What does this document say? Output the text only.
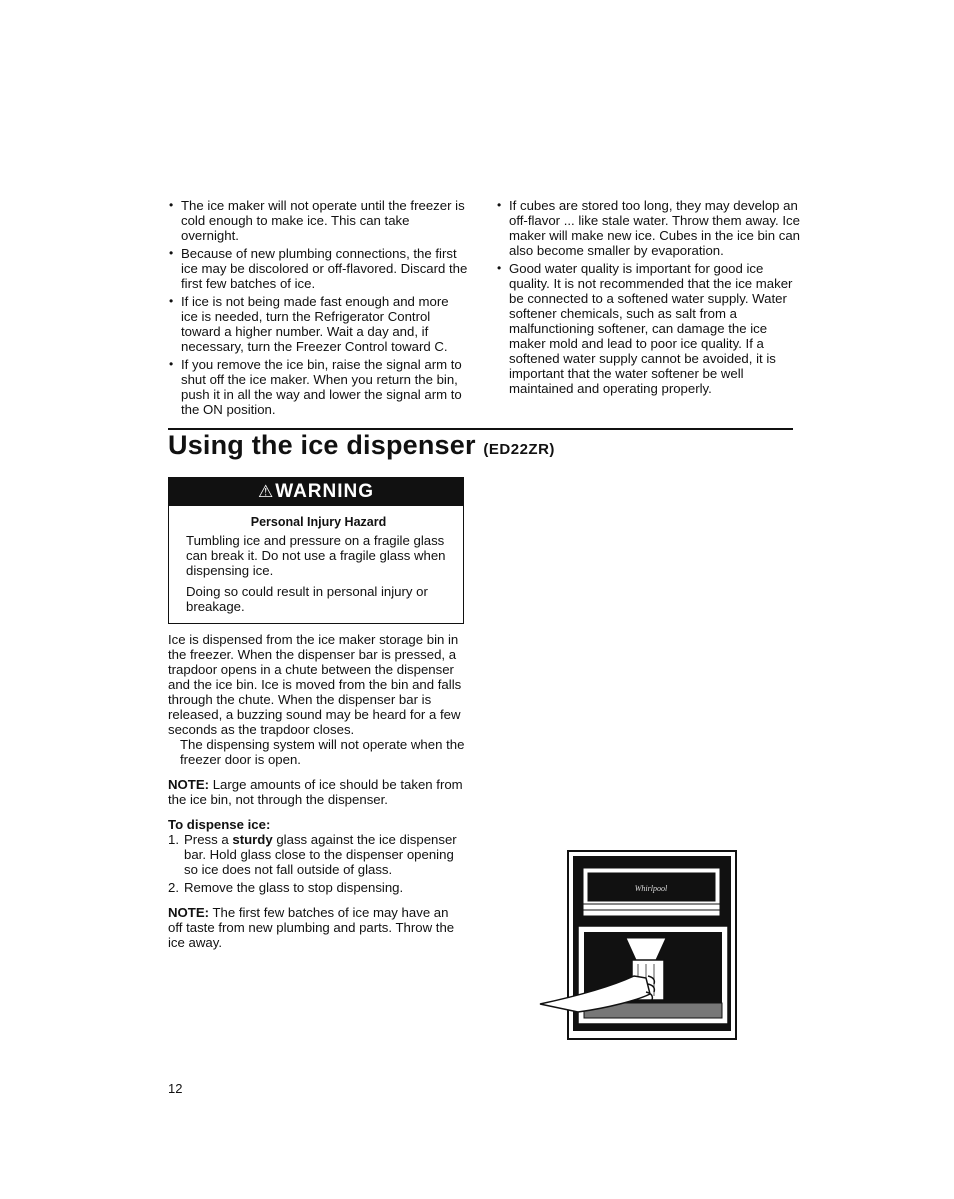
• The ice maker will not operate until the freezer is cold enough to make ice. This can take overnight.
• Because of new plumbing connections, the first ice may be discolored or off-flavored. Discard the first few batches of ice.
• If ice is not being made fast enough and more ice is needed, turn the Refrigerator Control toward a higher number. Wait a day and, if necessary, turn the Freezer Control toward C.
• If you remove the ice bin, raise the signal arm to shut off the ice maker. When you return the bin, push it in all the way and lower the signal arm to the ON position.
• If cubes are stored too long, they may develop an off-flavor ... like stale water. Throw them away. Ice maker will make new ice. Cubes in the ice bin can also become smaller by evaporation.
• Good water quality is important for good ice quality. It is not recommended that the ice maker be connected to a softened water supply. Water softener chemicals, such as salt from a malfunctioning softener, can damage the ice maker mold and lead to poor ice quality. If a softened water supply cannot be avoided, it is important that the water softener be well maintained and operating properly.
Using the ice dispenser (ED22ZR)
⚠ WARNING
Personal Injury Hazard

Tumbling ice and pressure on a fragile glass can break it. Do not use a fragile glass when dispensing ice.

Doing so could result in personal injury or breakage.

Ice is dispensed from the ice maker storage bin in the freezer. When the dispenser bar is pressed, a trapdoor opens in a chute between the dispenser and the ice bin. Ice is moved from the bin and falls through the chute. When the dispenser bar is released, a buzzing sound may be heard for a few seconds as the trapdoor closes.

The dispensing system will not operate when the freezer door is open.

NOTE: Large amounts of ice should be taken from the ice bin, not through the dispenser.

To dispense ice:

1. Press a sturdy glass against the ice dispenser bar. Hold glass close to the dispenser opening so ice does not fall outside of glass.

2. Remove the glass to stop dispensing.

NOTE: The first few batches of ice may have an off taste from new plumbing and parts. Throw the ice away.

Whirlpool
12
